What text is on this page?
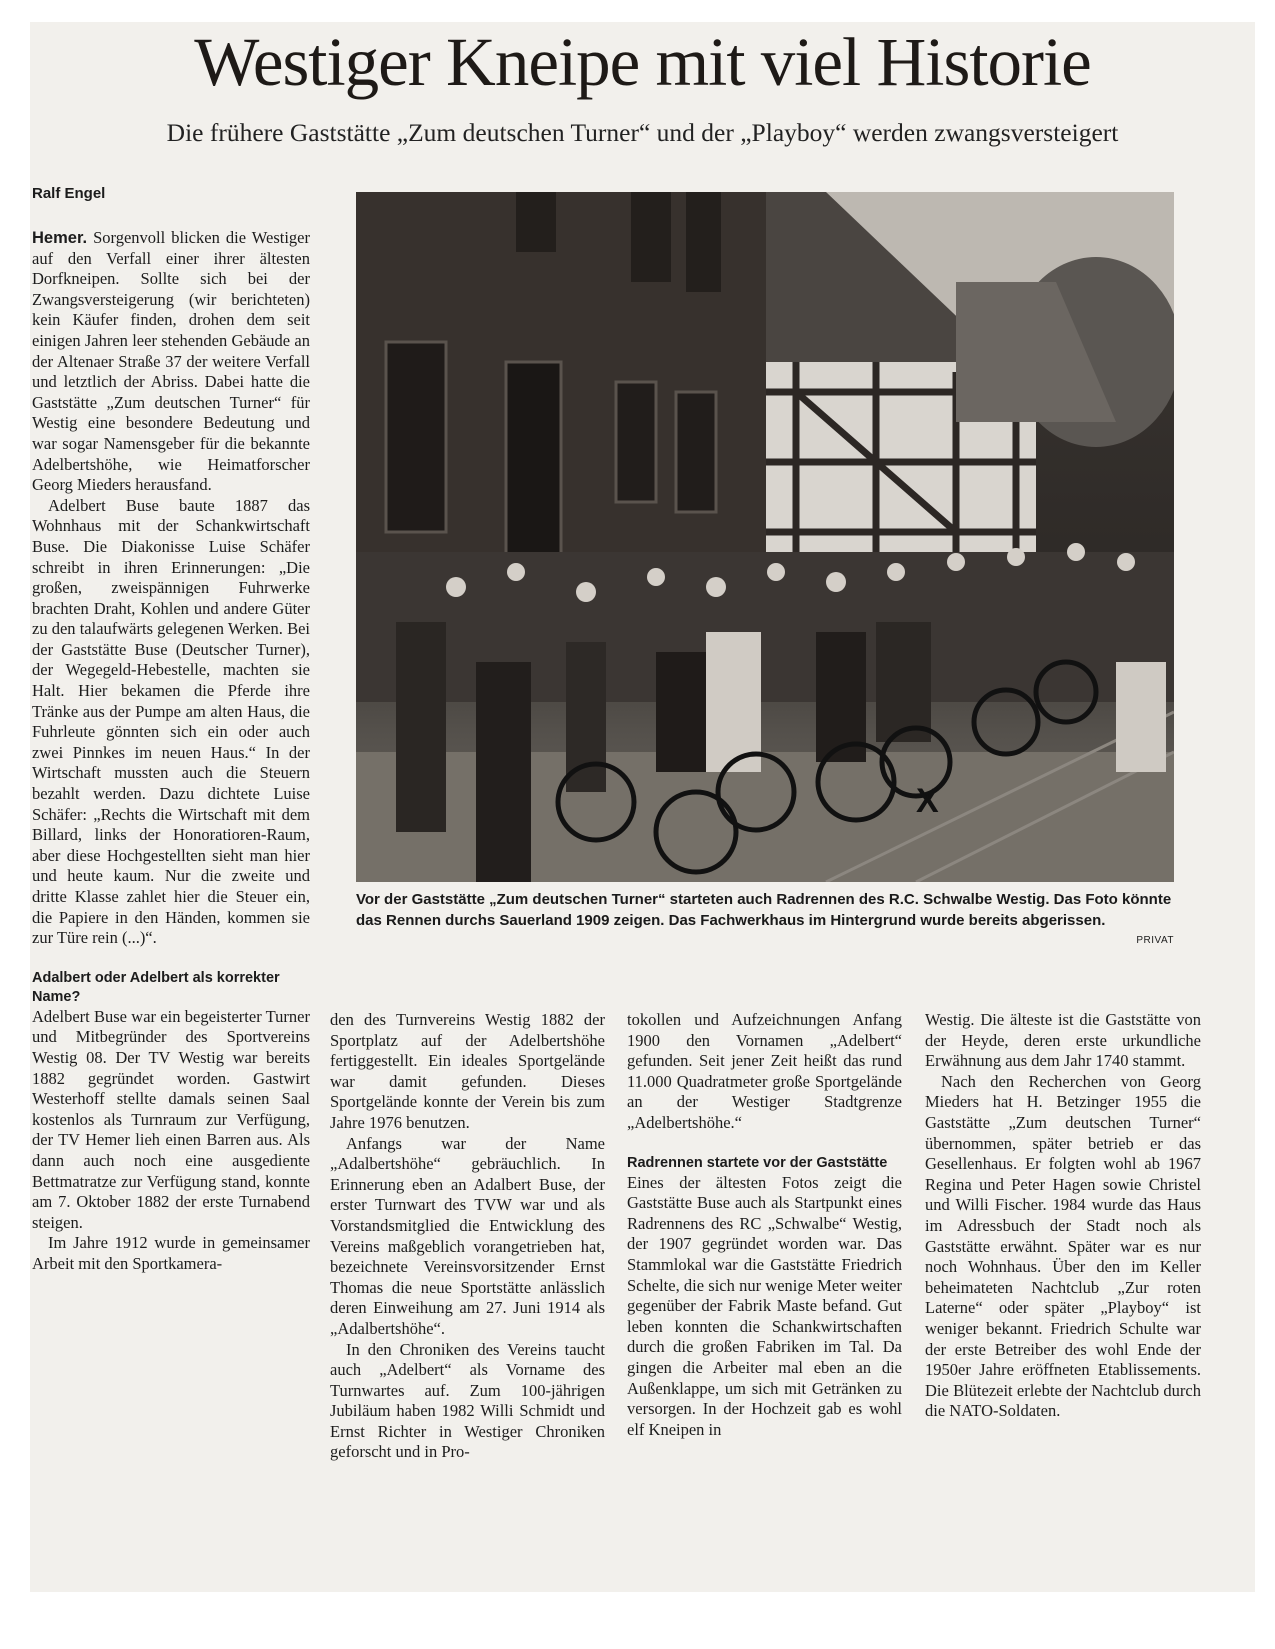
Westiger Kneipe mit viel Historie
Die frühere Gaststätte „Zum deutschen Turner“ und der „Playboy“ werden zwangsversteigert
Ralf Engel

Hemer. Sorgenvoll blicken die Westiger auf den Verfall einer ihrer ältesten Dorfkneipen. Sollte sich bei der Zwangsversteigerung (wir berichteten) kein Käufer finden, drohen dem seit einigen Jahren leer stehenden Gebäude an der Altenaer Straße 37 der weitere Verfall und letztlich der Abriss. Dabei hatte die Gaststätte „Zum deutschen Turner“ für Westig eine besondere Bedeutung und war sogar Namensgeber für die bekannte Adelbertshöhe, wie Heimatforscher Georg Mieders herausfand.

Adelbert Buse baute 1887 das Wohnhaus mit der Schankwirtschaft Buse. Die Diakonisse Luise Schäfer schreibt in ihren Erinnerungen: „Die großen, zweispännigen Fuhrwerke brachten Draht, Kohlen und andere Güter zu den talaufwärts gelegenen Werken. Bei der Gaststätte Buse (Deutscher Turner), der Wegegeld-Hebestelle, machten sie Halt. Hier bekamen die Pferde ihre Tränke aus der Pumpe am alten Haus, die Fuhrleute gönnten sich ein oder auch zwei Pinnkes im neuen Haus.“ In der Wirtschaft mussten auch die Steuern bezahlt werden. Dazu dichtete Luise Schäfer: „Rechts die Wirtschaft mit dem Billard, links der Honoratioren-Raum, aber diese Hochgestellten sieht man hier und heute kaum. Nur die zweite und dritte Klasse zahlet hier die Steuer ein, die Papiere in den Händen, kommen sie zur Türe rein (...)“.

Adalbert oder Adelbert als korrekter Name?

Adelbert Buse war ein begeisterter Turner und Mitbegründer des Sportvereins Westig 08. Der TV Westig war bereits 1882 gegründet worden. Gastwirt Westerhoff stellte damals seinen Saal kostenlos als Turnraum zur Verfügung, der TV Hemer lieh einen Barren aus. Als dann auch noch eine ausgediente Bettmatratze zur Verfügung stand, konnte am 7. Oktober 1882 der erste Turnabend steigen.

Im Jahre 1912 wurde in gemeinsamer Arbeit mit den Sportkamera-

X
Vor der Gaststätte „Zum deutschen Turner“ starteten auch Radrennen des R.C. Schwalbe Westig. Das Foto könnte das Rennen durchs Sauerland 1909 zeigen. Das Fachwerkhaus im Hintergrund wurde bereits abgerissen.
PRIVAT

den des Turnvereins Westig 1882 der Sportplatz auf der Adelbertshöhe fertiggestellt. Ein ideales Sportgelände war damit gefunden. Dieses Sportgelände konnte der Verein bis zum Jahre 1976 benutzen.

Anfangs war der Name „Adalbertshöhe“ gebräuchlich. In Erinnerung eben an Adalbert Buse, der erster Turnwart des TVW war und als Vorstandsmitglied die Entwicklung des Vereins maßgeblich vorangetrieben hat, bezeichnete Vereinsvorsitzender Ernst Thomas die neue Sportstätte anlässlich deren Einweihung am 27. Juni 1914 als „Adalbertshöhe“.

In den Chroniken des Vereins taucht auch „Adelbert“ als Vorname des Turnwartes auf. Zum 100-jährigen Jubiläum haben 1982 Willi Schmidt und Ernst Richter in Westiger Chroniken geforscht und in Pro-

tokollen und Aufzeichnungen Anfang 1900 den Vornamen „Adelbert“ gefunden. Seit jener Zeit heißt das rund 11.000 Quadratmeter große Sportgelände an der Westiger Stadtgrenze „Adelbertshöhe.“

Radrennen startete vor der Gaststätte

Eines der ältesten Fotos zeigt die Gaststätte Buse auch als Startpunkt eines Radrennens des RC „Schwalbe“ Westig, der 1907 gegründet worden war. Das Stammlokal war die Gaststätte Friedrich Schelte, die sich nur wenige Meter weiter gegenüber der Fabrik Maste befand. Gut leben konnten die Schankwirtschaften durch die großen Fabriken im Tal. Da gingen die Arbeiter mal eben an die Außenklappe, um sich mit Getränken zu versorgen. In der Hochzeit gab es wohl elf Kneipen in

Westig. Die älteste ist die Gaststätte von der Heyde, deren erste urkundliche Erwähnung aus dem Jahr 1740 stammt.

Nach den Recherchen von Georg Mieders hat H. Betzinger 1955 die Gaststätte „Zum deutschen Turner“ übernommen, später betrieb er das Gesellenhaus. Er folgten wohl ab 1967 Regina und Peter Hagen sowie Christel und Willi Fischer. 1984 wurde das Haus im Adressbuch der Stadt noch als Gaststätte erwähnt. Später war es nur noch Wohnhaus. Über den im Keller beheimateten Nachtclub „Zur roten Laterne“ oder später „Playboy“ ist weniger bekannt. Friedrich Schulte war der erste Betreiber des wohl Ende der 1950er Jahre eröffneten Etablissements. Die Blütezeit erlebte der Nachtclub durch die NATO-Soldaten.
